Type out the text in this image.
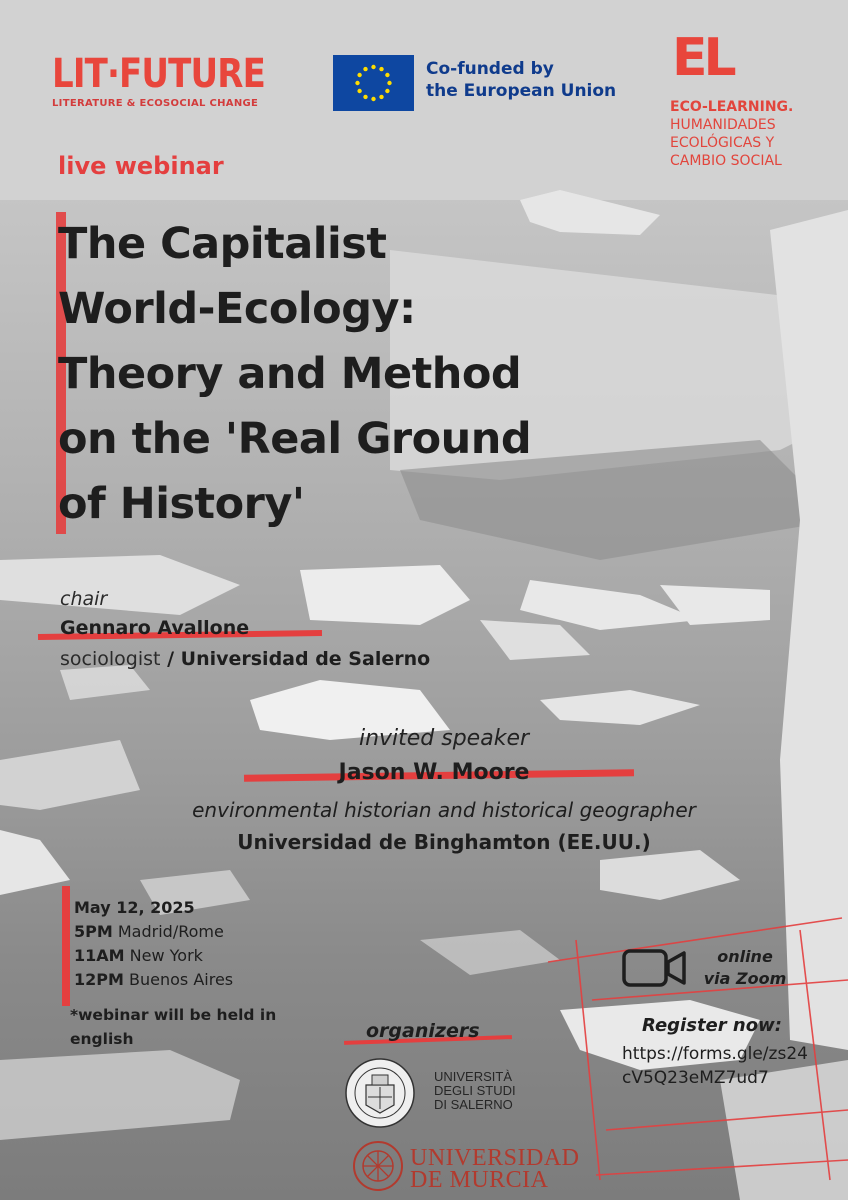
LIT·FUTURE
LITERATURE & ECOSOCIAL CHANGE
Co-funded by
the European Union
EL
ECO-LEARNING.
HUMANIDADES
ECOLÓGICAS Y
CAMBIO SOCIAL
live webinar
The Capitalist
World-Ecology:
Theory and Method
on the 'Real Ground
of History'
chair
Gennaro Avallone
sociologist / Universidad de Salerno
invited speaker
Jason W. Moore
environmental historian and historical geographer
Universidad de Binghamton (EE.UU.)
May 12, 2025
5PM Madrid/Rome
11AM New York
12PM Buenos Aires
*webinar will be held in english
online
via Zoom
Register now:
https://forms.gle/zs24cV5Q23eMZ7ud7
organizers
UNIVERSITÀ
DEGLI STUDI
DI SALERNO
UNIVERSIDAD
DE MURCIA
